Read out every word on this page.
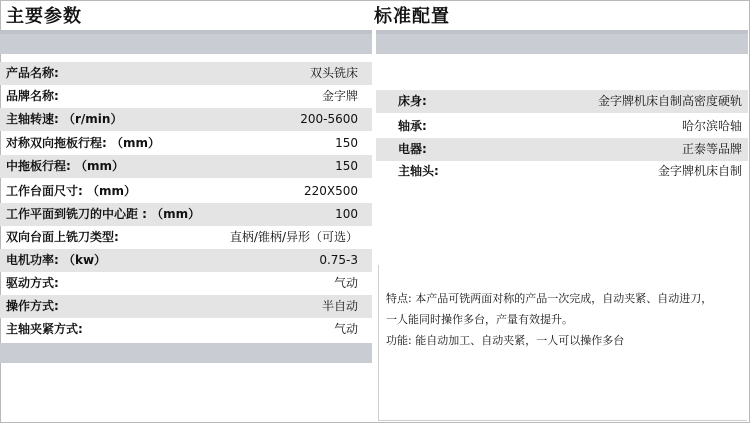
主要参数	标准配置
产品名称:	双头铣床
品牌名称:	金字牌
主轴转速: （r/min）	200-5600
对称双向拖板行程: （mm）	150
中拖板行程: （mm）	150
工作台面尺寸: （mm）	220X500
工作平面到铣刀的中心距 : （mm）	100
双向台面上铣刀类型:	直柄/锥柄/异形（可选）
电机功率: （kw）	0.75-3
驱动方式:	气动
操作方式:	半自动
主轴夹紧方式:	气动
床身:	金字牌机床自制高密度硬轨
轴承:	哈尔滨哈轴
电器:	正泰等品牌
主轴头:	金字牌机床自制
特点: 本产品可铣两面对称的产品一次完成，自动夹紧、自动进刀，
一人能同时操作多台，产量有效提升。
功能: 能自动加工、自动夹紧，一人可以操作多台
